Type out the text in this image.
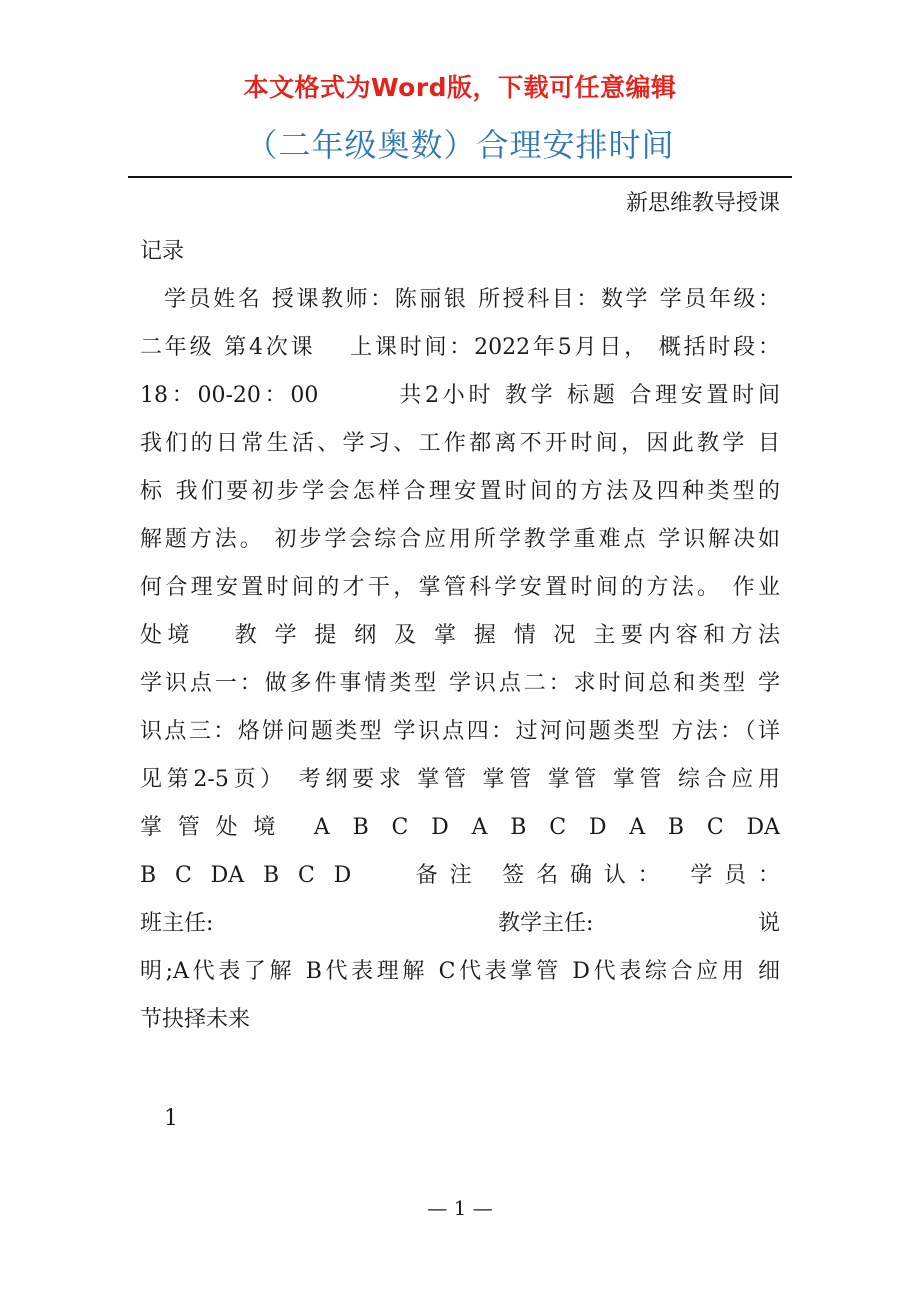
本文格式为Word版，下载可任意编辑
（二年级奥数）合理安排时间
新思维教导授课
记录
学员姓名 授课教师：陈丽银 所授科目：数学 学员年级：
二年级 第4次课　 上课时间：2022年5月日， 概括时段：
18：00-20：00　　　共2小时 教学 标题 合理安置时间
我们的日常生活、学习、工作都离不开时间，因此教学 目
标 我们要初步学会怎样合理安置时间的方法及四种类型的
解题方法。 初步学会综合应用所学教学重难点 学识解决如
何合理安置时间的才干，掌管科学安置时间的方法。 作业
处境　 教 学 提 纲 及 掌 握 情 况 主要内容和方法
学识点一：做多件事情类型 学识点二：求时间总和类型 学
识点三：烙饼问题类型 学识点四：过河问题类型 方法：（详
见第2-5页） 考纲要求 掌管 掌管 掌管 掌管 综合应用
掌管处境 A B C D A B C D A B C DA
B C DA B C D　 备注 签名确认： 学员：
班主任:	教学主任:	说
明;A代表了解 B代表理解 C代表掌管 D代表综合应用 细
节抉择未来
1
— 1 —
